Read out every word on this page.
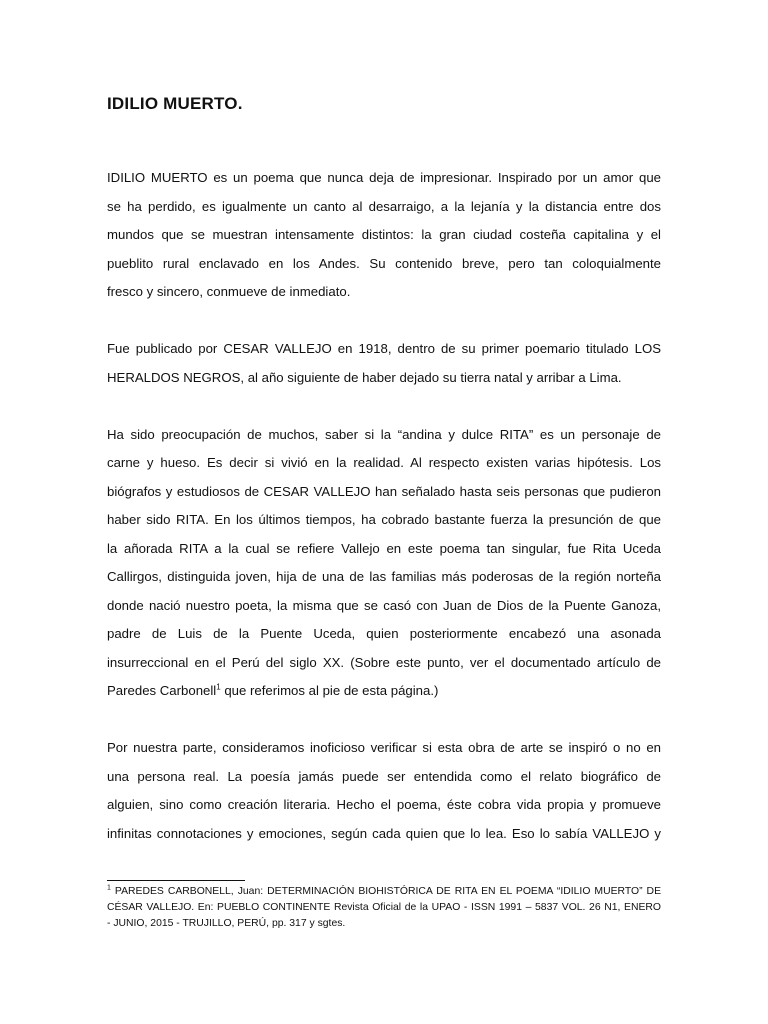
IDILIO MUERTO.

IDILIO MUERTO es un poema que nunca deja de impresionar. Inspirado por un amor que
se ha perdido, es igualmente un canto al desarraigo, a la lejanía y la distancia entre dos
mundos que se muestran intensamente distintos: la gran ciudad costeña capitalina y el
pueblito rural enclavado en los Andes. Su contenido breve, pero tan coloquialmente
fresco y sincero, conmueve de inmediato.

Fue publicado por CESAR VALLEJO en 1918, dentro de su primer poemario titulado LOS
HERALDOS NEGROS, al año siguiente de haber dejado su tierra natal y arribar a Lima.

Ha sido preocupación de muchos, saber si la “andina y dulce RITA” es un personaje de
carne y hueso. Es decir si vivió en la realidad. Al respecto existen varias hipótesis. Los
biógrafos y estudiosos de CESAR VALLEJO han señalado hasta seis personas que pudieron
haber sido RITA. En los últimos tiempos, ha cobrado bastante fuerza la presunción de que
la añorada RITA a la cual se refiere Vallejo en este poema tan singular, fue Rita Uceda
Callirgos, distinguida joven, hija de una de las familias más poderosas de la región norteña
donde nació nuestro poeta, la misma que se casó con Juan de Dios de la Puente Ganoza,
padre de Luis de la Puente Uceda, quien posteriormente encabezó una asonada
insurreccional en el Perú del siglo XX. (Sobre este punto, ver el documentado artículo de
Paredes Carbonell$^1$ que referimos al pie de esta página.)

Por nuestra parte, consideramos inoficioso verificar si esta obra de arte se inspiró o no en
una persona real. La poesía jamás puede ser entendida como el relato biográfico de
alguien, sino como creación literaria. Hecho el poema, éste cobra vida propia y promueve
infinitas connotaciones y emociones, según cada quien que lo lea. Eso lo sabía VALLEJO y

$^1$ PAREDES CARBONELL, Juan: DETERMINACIÓN BIOHISTÓRICA DE RITA EN EL POEMA “IDILIO MUERTO” DE
CÉSAR VALLEJO. En: PUEBLO CONTINENTE Revista Oficial de la UPAO - ISSN 1991 – 5837 VOL. 26 N1, ENERO
- JUNIO, 2015 - TRUJILLO, PERÚ, pp. 317 y sgtes.
